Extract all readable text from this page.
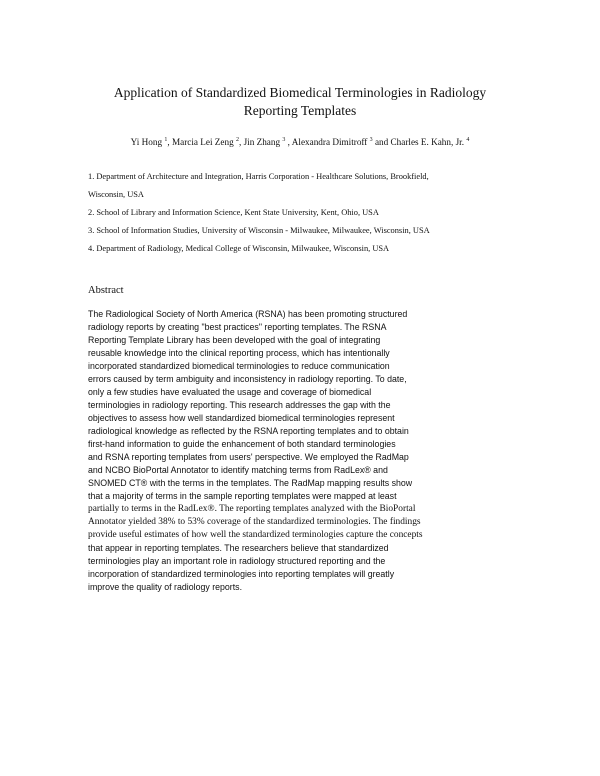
Application of Standardized Biomedical Terminologies in Radiology
Reporting Templates
Yi Hong $^1$, Marcia Lei Zeng $^2$, Jin Zhang $^3$ , Alexandra Dimitroff $^3$ and Charles E. Kahn, Jr. $^4$
1. Department of Architecture and Integration, Harris Corporation - Healthcare Solutions, Brookfield,
Wisconsin, USA
2. School of Library and Information Science, Kent State University, Kent, Ohio, USA
3. School of Information Studies, University of Wisconsin - Milwaukee, Milwaukee, Wisconsin, USA
4. Department of Radiology, Medical College of Wisconsin, Milwaukee, Wisconsin, USA
Abstract
The Radiological Society of North America (RSNA) has been promoting structured
radiology reports by creating "best practices" reporting templates. The RSNA
Reporting Template Library has been developed with the goal of integrating
reusable knowledge into the clinical reporting process, which has intentionally
incorporated standardized biomedical terminologies to reduce communication
errors caused by term ambiguity and inconsistency in radiology reporting. To date,
only a few studies have evaluated the usage and coverage of biomedical
terminologies in radiology reporting. This research addresses the gap with the
objectives to assess how well standardized biomedical terminologies represent
radiological knowledge as reflected by the RSNA reporting templates and to obtain
first-hand information to guide the enhancement of both standard terminologies
and RSNA reporting templates from users' perspective. We employed the RadMap
and NCBO BioPortal Annotator to identify matching terms from RadLex® and
SNOMED CT® with the terms in the templates. The RadMap mapping results show
that a majority of terms in the sample reporting templates were mapped at least
partially to terms in the RadLex®. The reporting templates analyzed with the BioPortal
Annotator yielded 38% to 53% coverage of the standardized terminologies. The findings
provide useful estimates of how well the standardized terminologies capture the concepts
that appear in reporting templates. The researchers believe that standardized
terminologies play an important role in radiology structured reporting and the
incorporation of standardized terminologies into reporting templates will greatly
improve the quality of radiology reports.
